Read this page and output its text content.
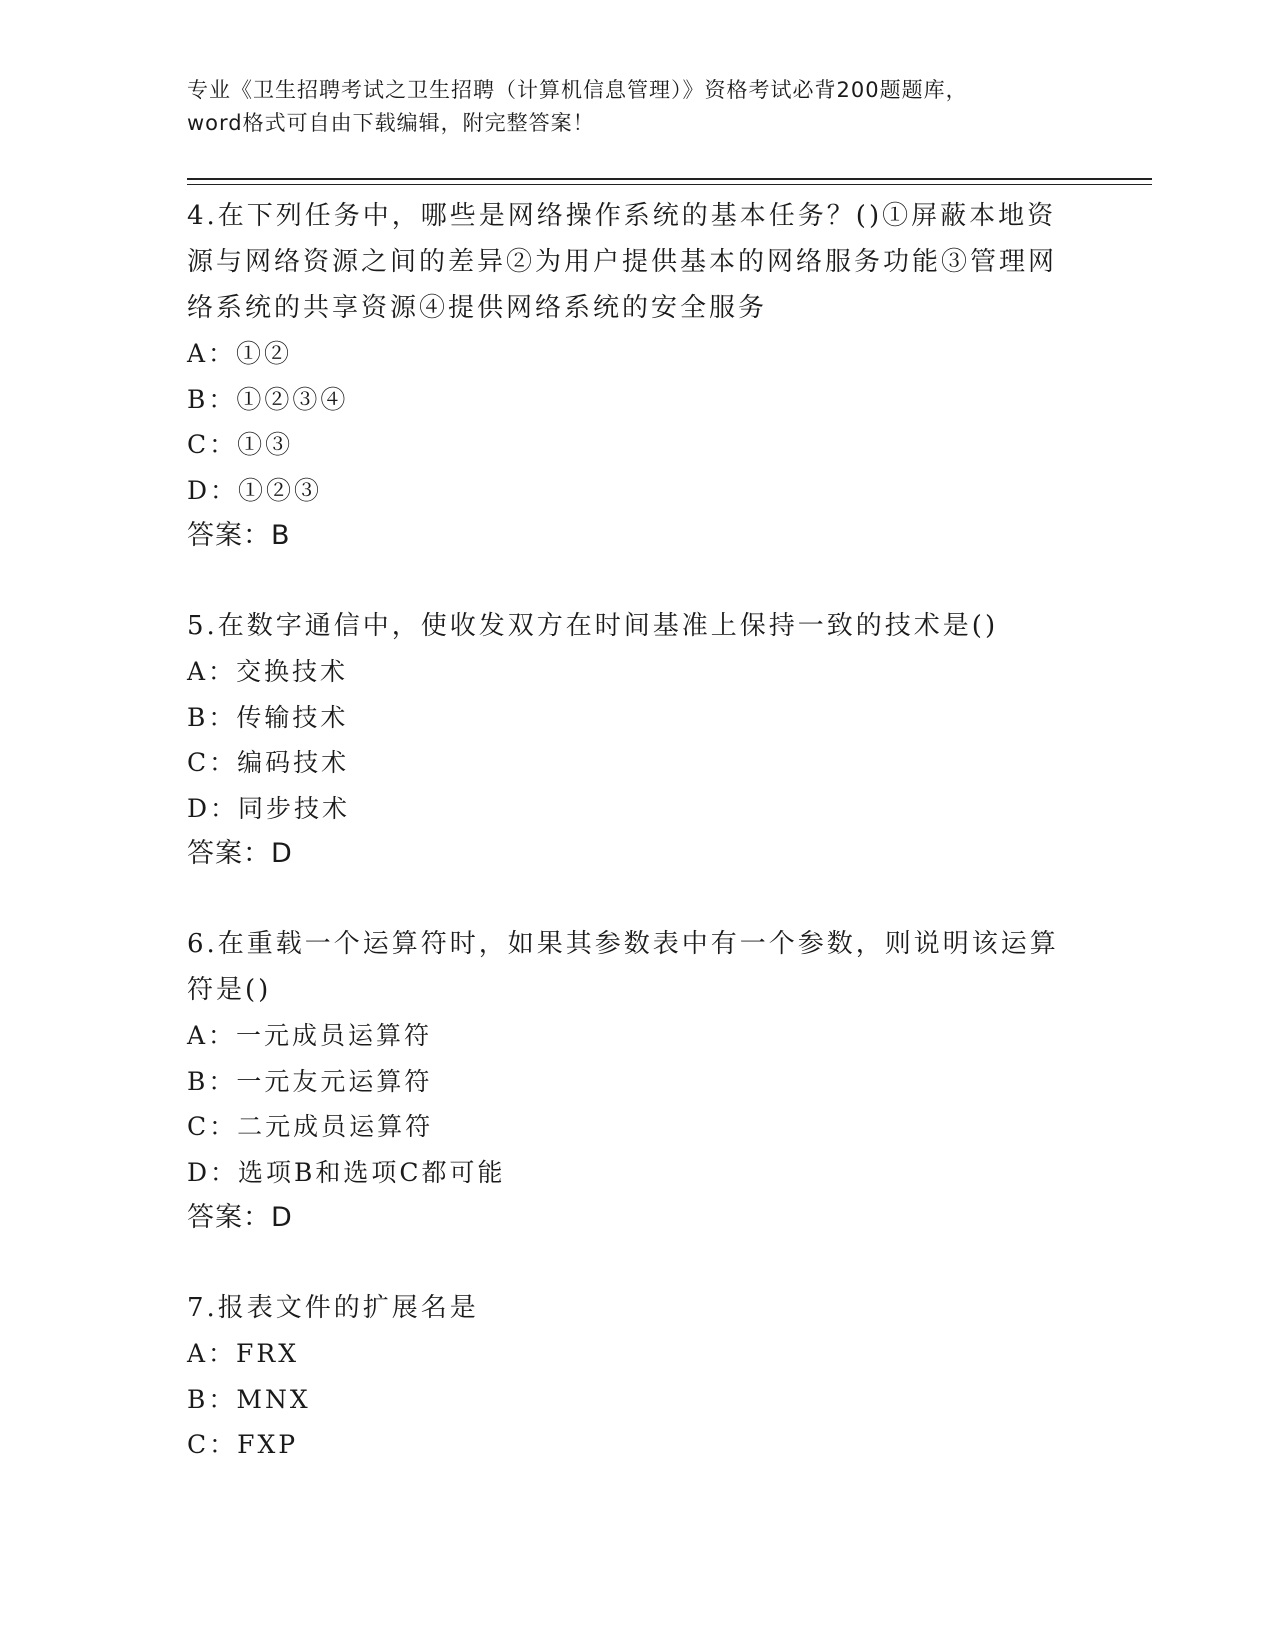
专业《卫生招聘考试之卫生招聘（计算机信息管理）》资格考试必背200题题库，
word格式可自由下载编辑，附完整答案！

4.在下列任务中，哪些是网络操作系统的基本任务？()①屏蔽本地资

源与网络资源之间的差异②为用户提供基本的网络服务功能③管理网

络系统的共享资源④提供网络系统的安全服务

A：①②

B：①②③④

C：①③

D：①②③

答案：B

5.在数字通信中，使收发双方在时间基准上保持一致的技术是()

A：交换技术

B：传输技术

C：编码技术

D：同步技术

答案：D

6.在重载一个运算符时，如果其参数表中有一个参数，则说明该运算

符是()

A：一元成员运算符

B：一元友元运算符

C：二元成员运算符

D：选项B和选项C都可能

答案：D

7.报表文件的扩展名是

A：FRX

B：MNX

C：FXP
